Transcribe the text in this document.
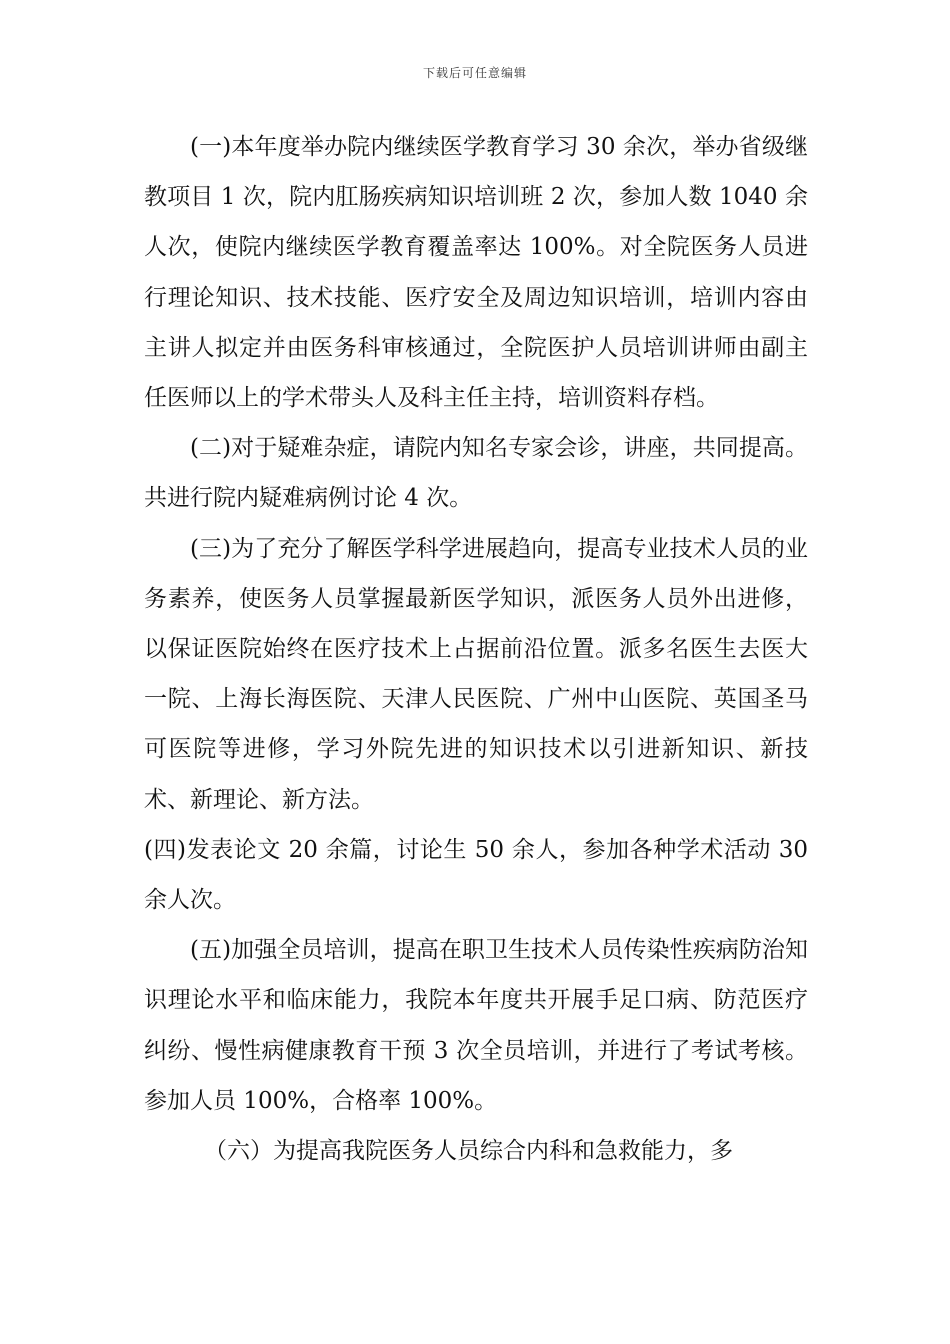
下载后可任意编辑

(一)本年度举办院内继续医学教育学习 30 余次，举办省级继教项目 1 次，院内肛肠疾病知识培训班 2 次，参加人数 1040 余人次，使院内继续医学教育覆盖率达 100%。对全院医务人员进行理论知识、技术技能、医疗安全及周边知识培训，培训内容由主讲人拟定并由医务科审核通过，全院医护人员培训讲师由副主任医师以上的学术带头人及科主任主持，培训资料存档。

(二)对于疑难杂症，请院内知名专家会诊，讲座，共同提高。共进行院内疑难病例讨论 4 次。

(三)为了充分了解医学科学进展趋向，提高专业技术人员的业务素养，使医务人员掌握最新医学知识，派医务人员外出进修，以保证医院始终在医疗技术上占据前沿位置。派多名医生去医大一院、上海长海医院、天津人民医院、广州中山医院、英国圣马可医院等进修，学习外院先进的知识技术以引进新知识、新技术、新理论、新方法。

(四)发表论文 20 余篇，讨论生 50 余人，参加各种学术活动 30 余人次。

(五)加强全员培训，提高在职卫生技术人员传染性疾病防治知识理论水平和临床能力，我院本年度共开展手足口病、防范医疗纠纷、慢性病健康教育干预 3 次全员培训，并进行了考试考核。参加人员 100%，合格率 100%。

（六）为提高我院医务人员综合内科和急救能力，多
